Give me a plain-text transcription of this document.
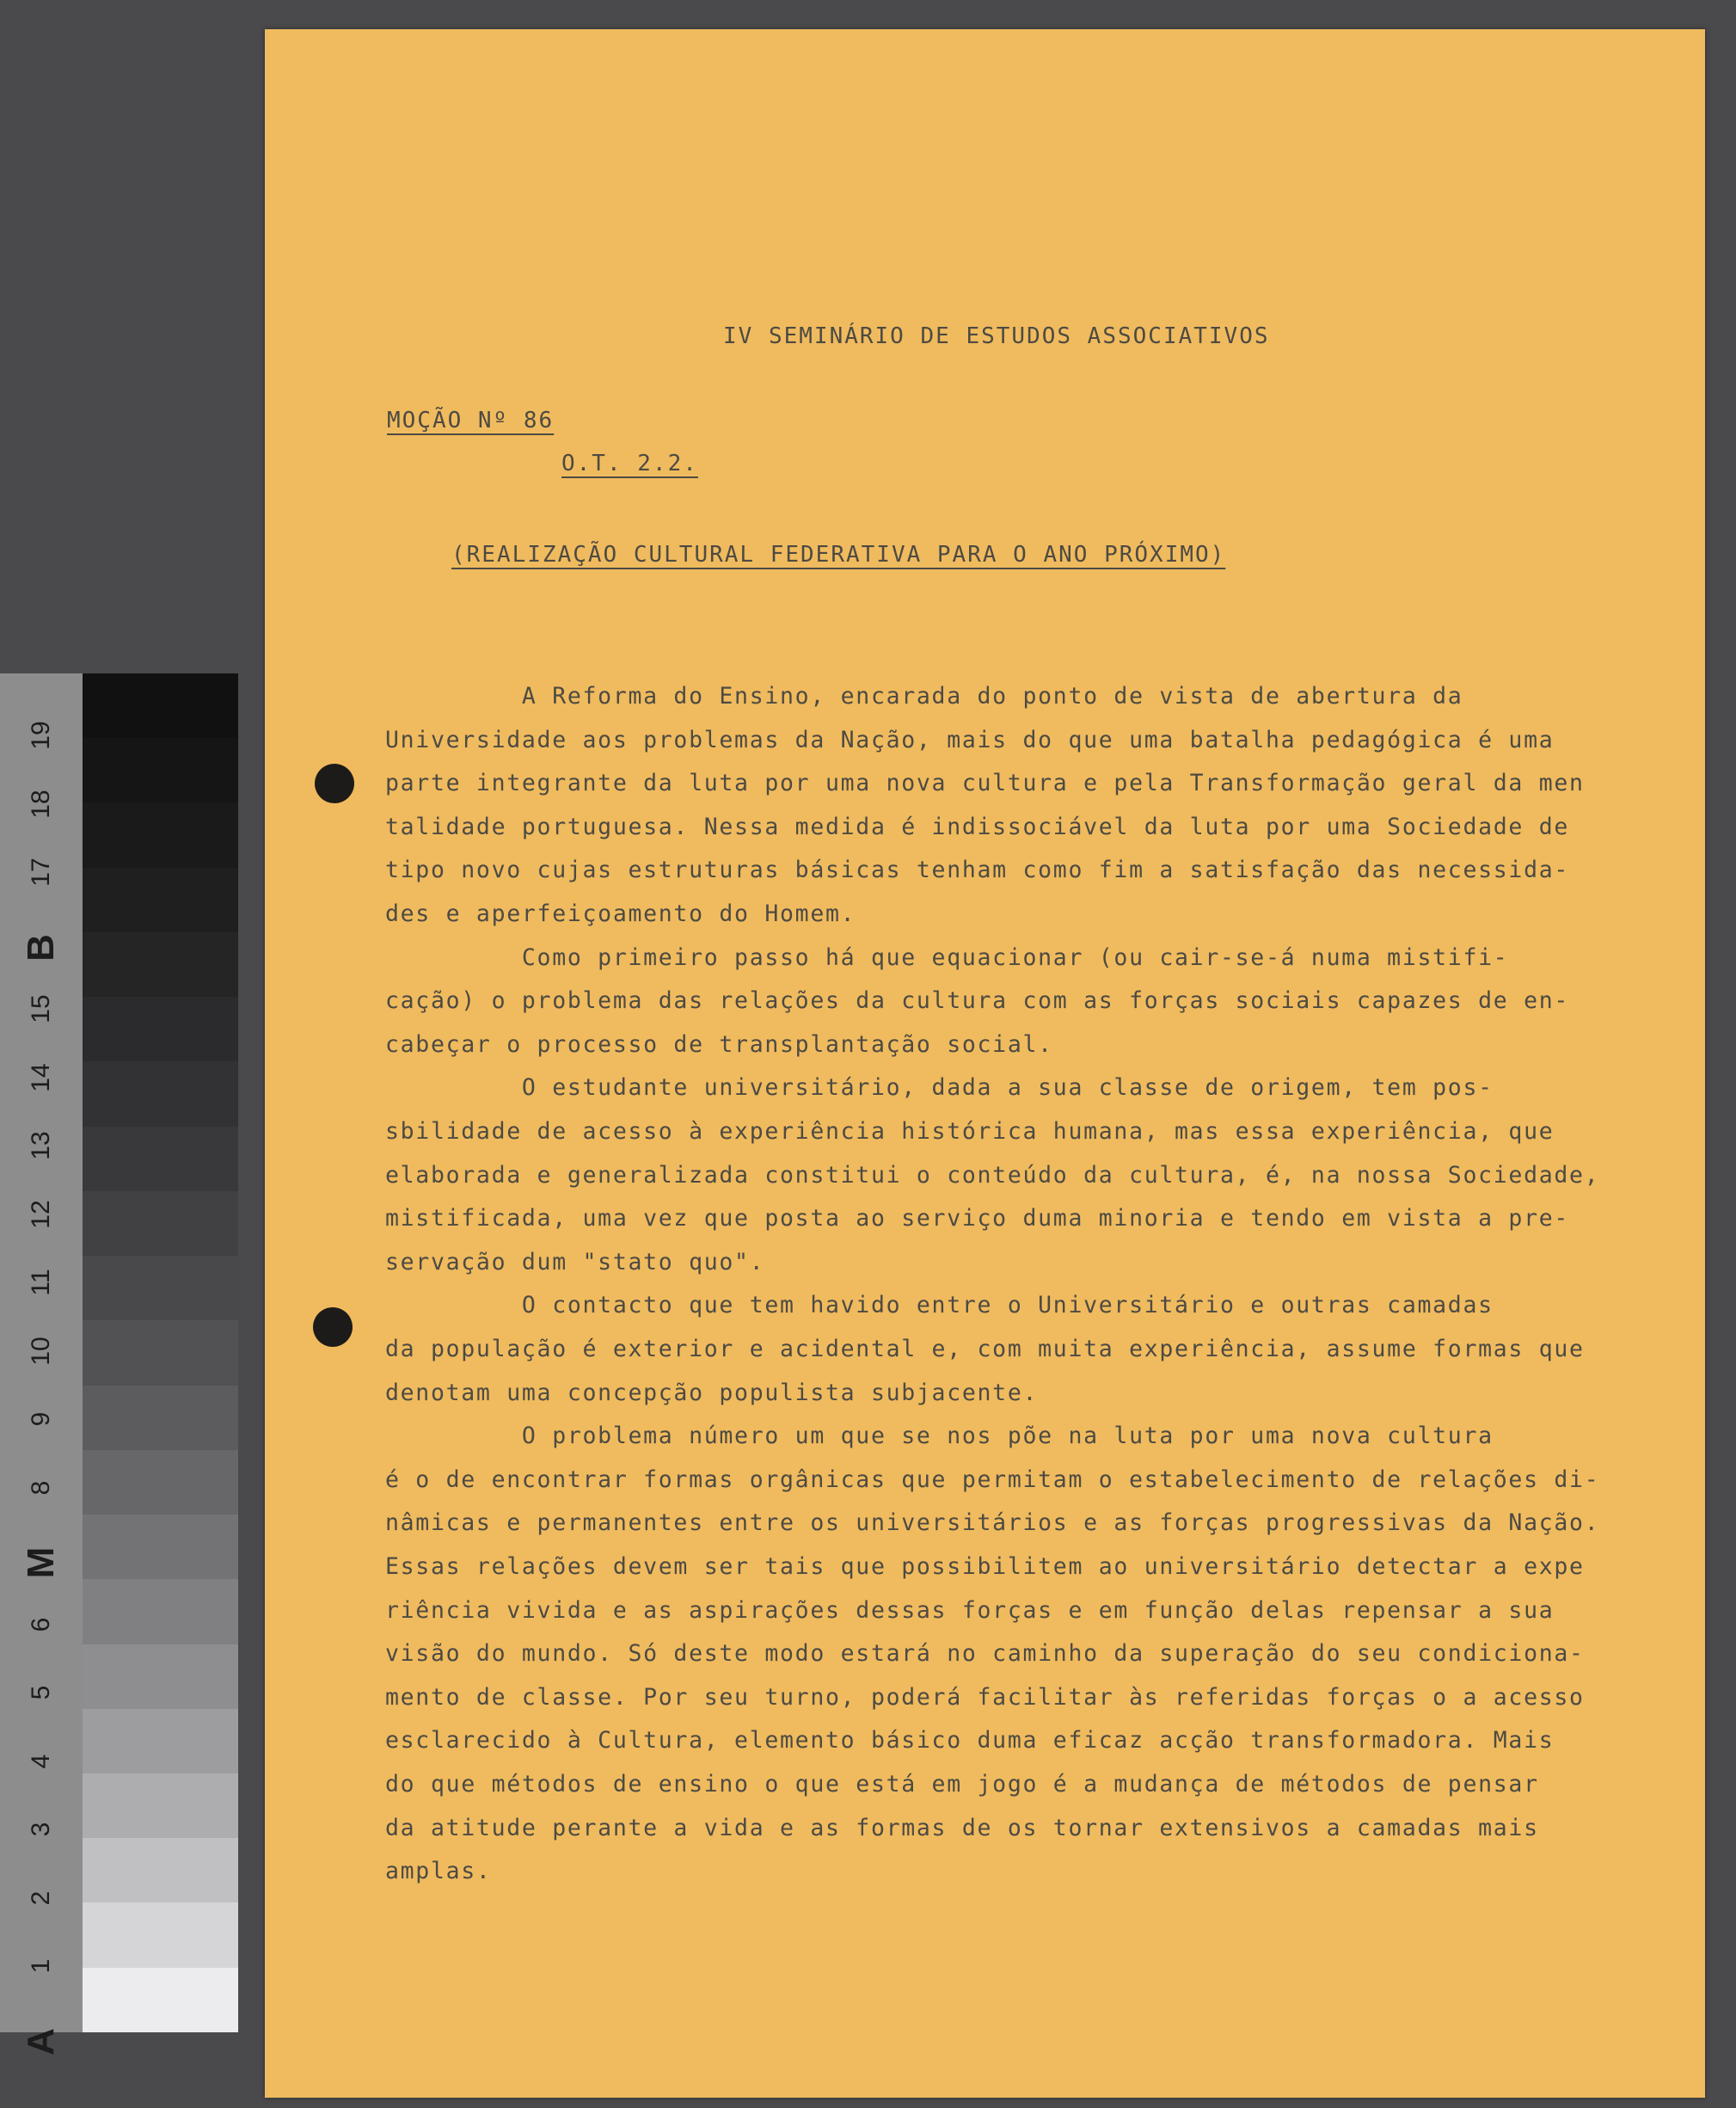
19
18
17
B
15
14
13
12
11
10
9
8
M
6
5
4
3
2
1
A

IV SEMINÁRIO DE ESTUDOS ASSOCIATIVOS

MOÇÃO Nº 86

O.T. 2.2.

(REALIZAÇÃO CULTURAL FEDERATIVA PARA O ANO PRÓXIMO)

A Reforma do Ensino, encarada do ponto de vista de abertura da

Universidade aos problemas da Nação, mais do que uma batalha pedagógica é uma

parte integrante da luta por uma nova cultura e pela Transformação geral da men

talidade portuguesa. Nessa medida é indissociável da luta por uma Sociedade de

tipo novo cujas estruturas básicas tenham como fim a satisfação das necessida-

des e aperfeiçoamento do Homem.

Como primeiro passo há que equacionar (ou cair-se-á numa mistifi-

cação) o problema das relações da cultura com as forças sociais capazes de en-

cabeçar o processo de transplantação social.

O estudante universitário, dada a sua classe de origem, tem pos-

sbilidade de acesso à experiência histórica humana, mas essa experiência, que

elaborada e generalizada constitui o conteúdo da cultura, é, na nossa Sociedade,

mistificada, uma vez que posta ao serviço duma minoria e tendo em vista a pre-

servação dum "stato quo".

O contacto que tem havido entre o Universitário e outras camadas

da população é exterior e acidental e, com muita experiência, assume formas que

denotam uma concepção populista subjacente.

O problema número um que se nos põe na luta por uma nova cultura

é o de encontrar formas orgânicas que permitam o estabelecimento de relações di-

nâmicas e permanentes entre os universitários e as forças progressivas da Nação.

Essas relações devem ser tais que possibilitem ao universitário detectar a expe

riência vivida e as aspirações dessas forças e em função delas repensar a sua

visão do mundo. Só deste modo estará no caminho da superação do seu condiciona-

mento de classe. Por seu turno, poderá facilitar às referidas forças o a acesso

esclarecido à Cultura, elemento básico duma eficaz acção transformadora. Mais

do que métodos de ensino o que está em jogo é a mudança de métodos de pensar

da atitude perante a vida e as formas de os tornar extensivos a camadas mais

amplas.
